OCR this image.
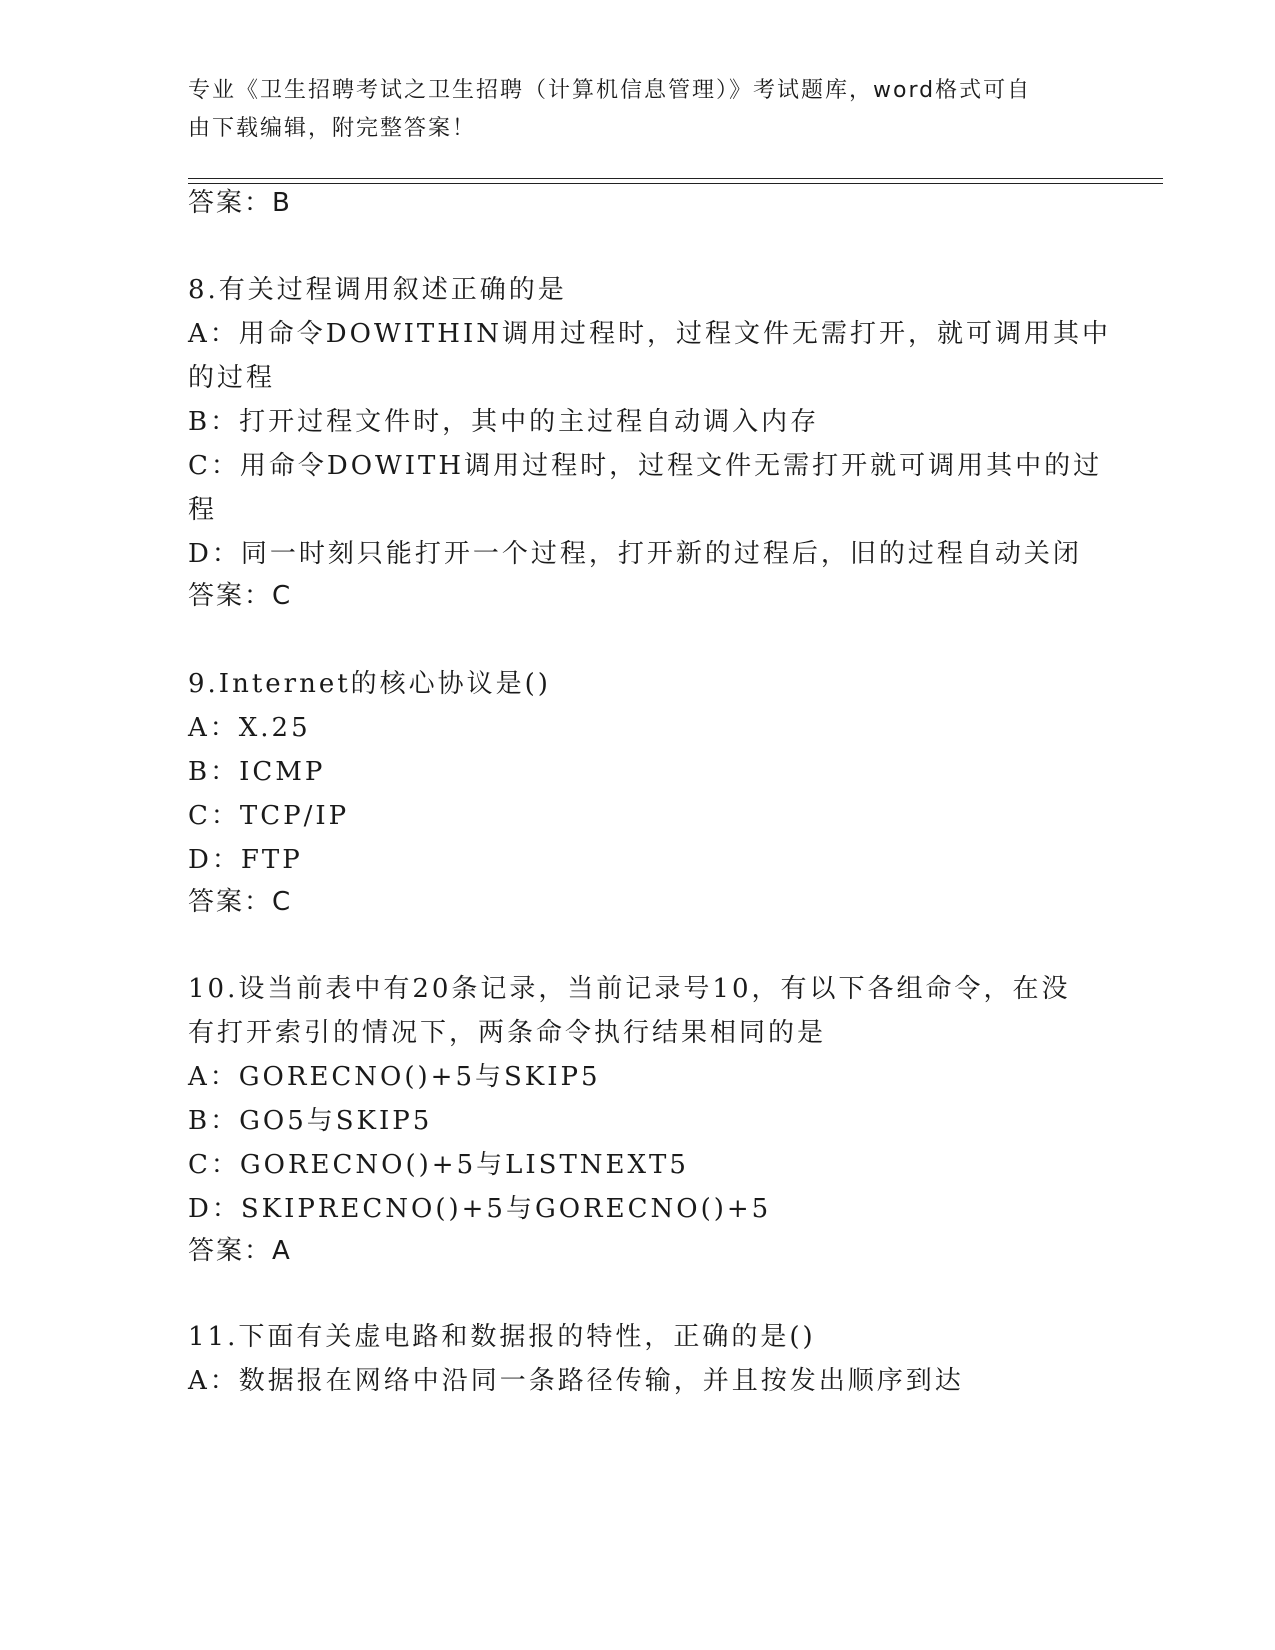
专业《卫生招聘考试之卫生招聘（计算机信息管理）》考试题库，word格式可自
由下载编辑，附完整答案！
答案：B
8.有关过程调用叙述正确的是
A：用命令DOWITHIN调用过程时，过程文件无需打开，就可调用其中
的过程
B：打开过程文件时，其中的主过程自动调入内存
C：用命令DOWITH调用过程时，过程文件无需打开就可调用其中的过
程
D：同一时刻只能打开一个过程，打开新的过程后，旧的过程自动关闭
答案：C
9.Internet的核心协议是()
A：X.25
B：ICMP
C：TCP/IP
D：FTP
答案：C
10.设当前表中有20条记录，当前记录号10，有以下各组命令，在没
有打开索引的情况下，两条命令执行结果相同的是
A：GORECNO()+5与SKIP5
B：GO5与SKIP5
C：GORECNO()+5与LISTNEXT5
D：SKIPRECNO()+5与GORECNO()+5
答案：A
11.下面有关虚电路和数据报的特性，正确的是()
A：数据报在网络中沿同一条路径传输，并且按发出顺序到达
